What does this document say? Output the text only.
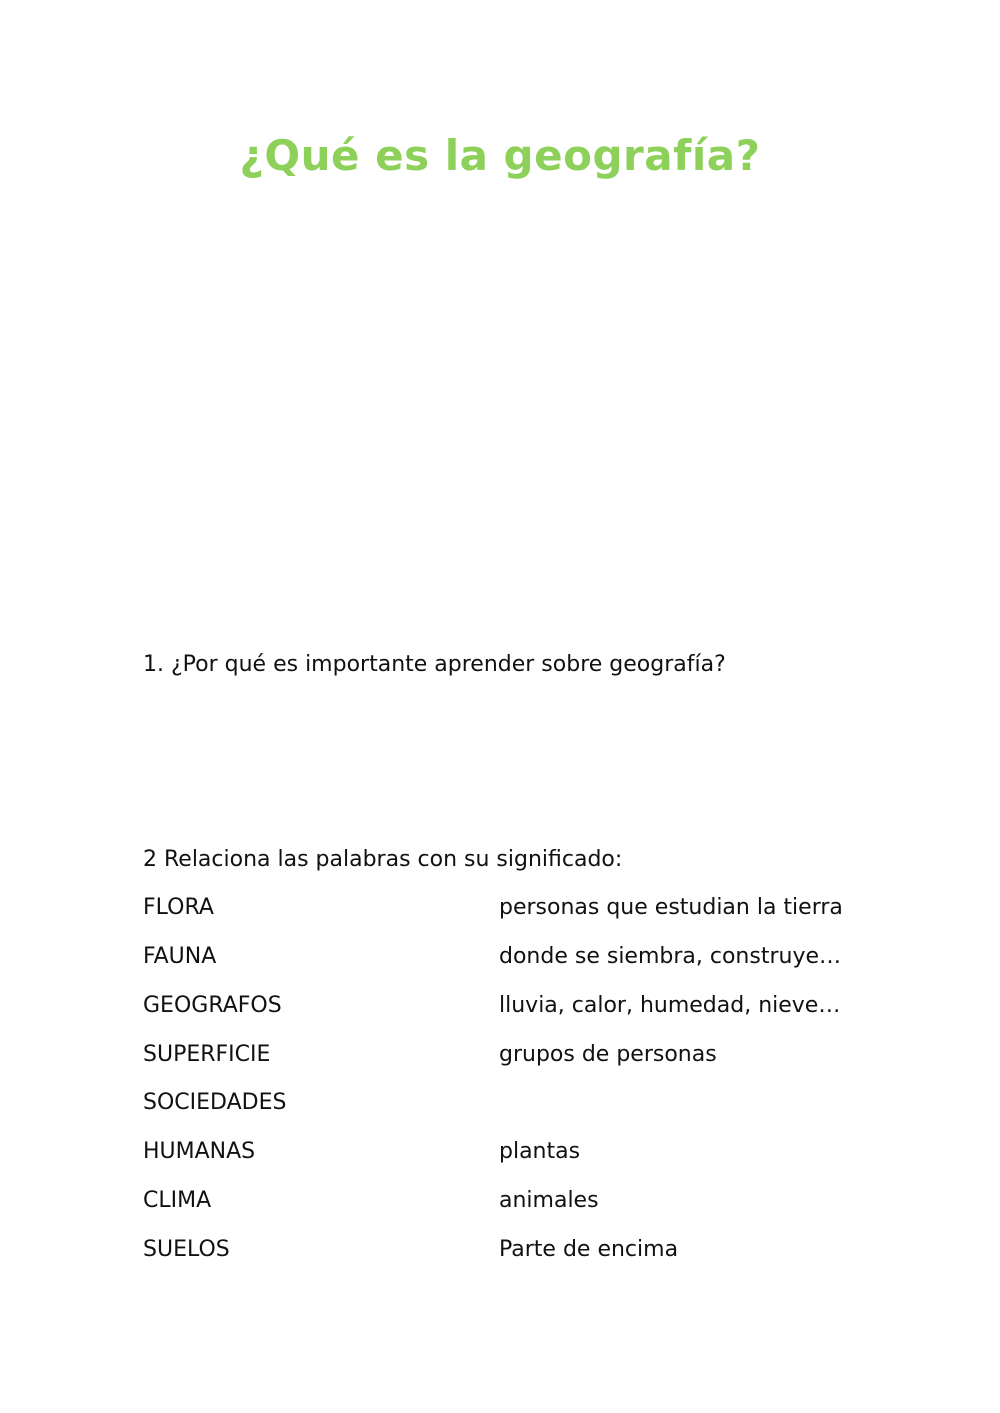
¿Qué es la geografía?
1. ¿Por qué es importante aprender sobre geografía?
2 Relaciona las palabras con su significado:
FLORA
FAUNA
GEOGRAFOS
SUPERFICIE
SOCIEDADES
HUMANAS
CLIMA
SUELOS
personas que estudian la tierra
donde se siembra, construye…
lluvia, calor, humedad, nieve…
grupos de personas
plantas
animales
Parte de encima
